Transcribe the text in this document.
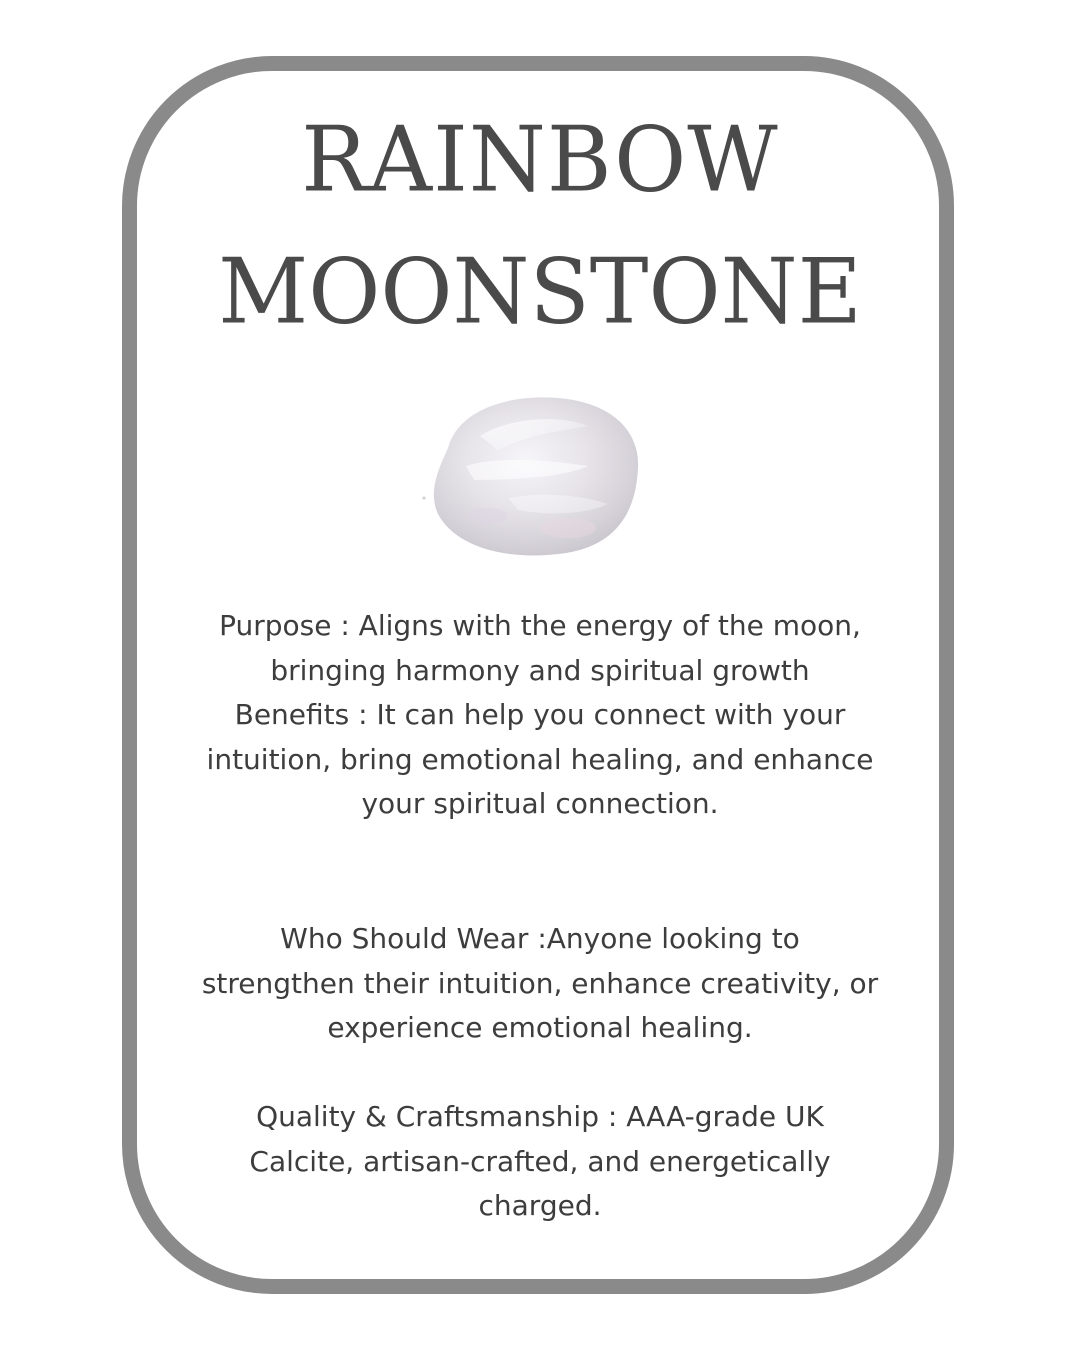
RAINBOW
MOONSTONE

Purpose : Aligns with the energy of the moon, bringing harmony and spiritual growth

Benefits : It can help you connect with your intuition, bring emotional healing, and enhance your spiritual connection.

Who Should Wear :Anyone looking to strengthen their intuition, enhance creativity, or experience emotional healing.

Quality & Craftsmanship : AAA-grade UK Calcite, artisan-crafted, and energetically charged.
